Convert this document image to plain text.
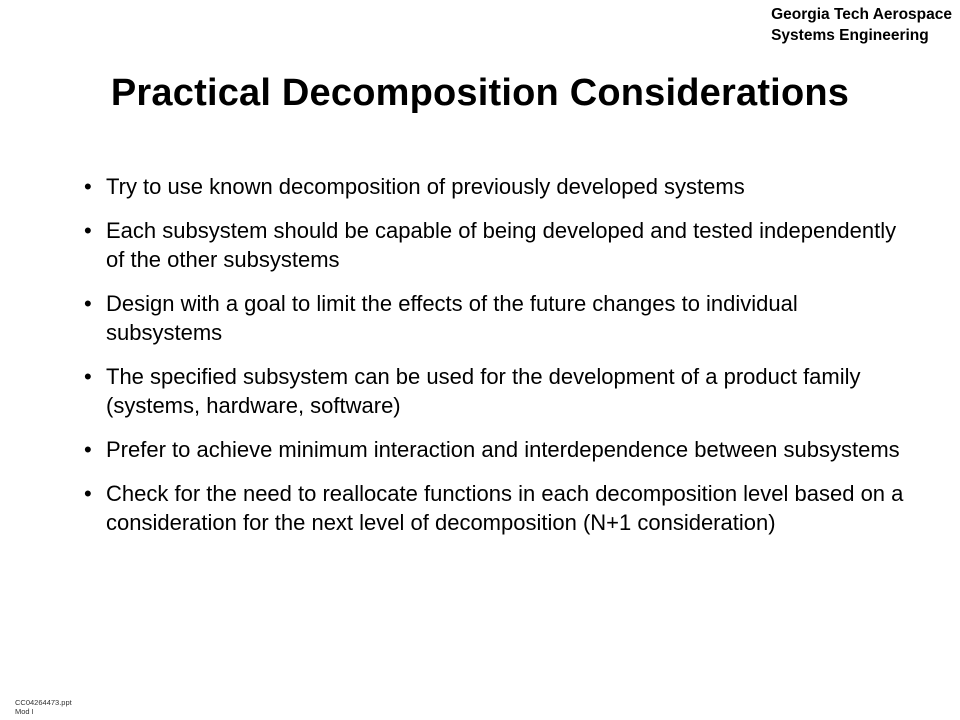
Georgia Tech Aerospace
Systems Engineering
Practical Decomposition Considerations
• Try to use known decomposition of previously developed systems
• Each subsystem should be capable of being developed and tested independently of the other subsystems
• Design with a goal to limit the effects of the future changes to individual subsystems
• The specified subsystem can be used for the development of a product family (systems, hardware, software)
• Prefer to achieve minimum interaction and interdependence between subsystems
• Check for the need to reallocate functions in each decomposition level based on a consideration for the next level of decomposition (N+1 consideration)
CC04264473.ppt
Mod I
